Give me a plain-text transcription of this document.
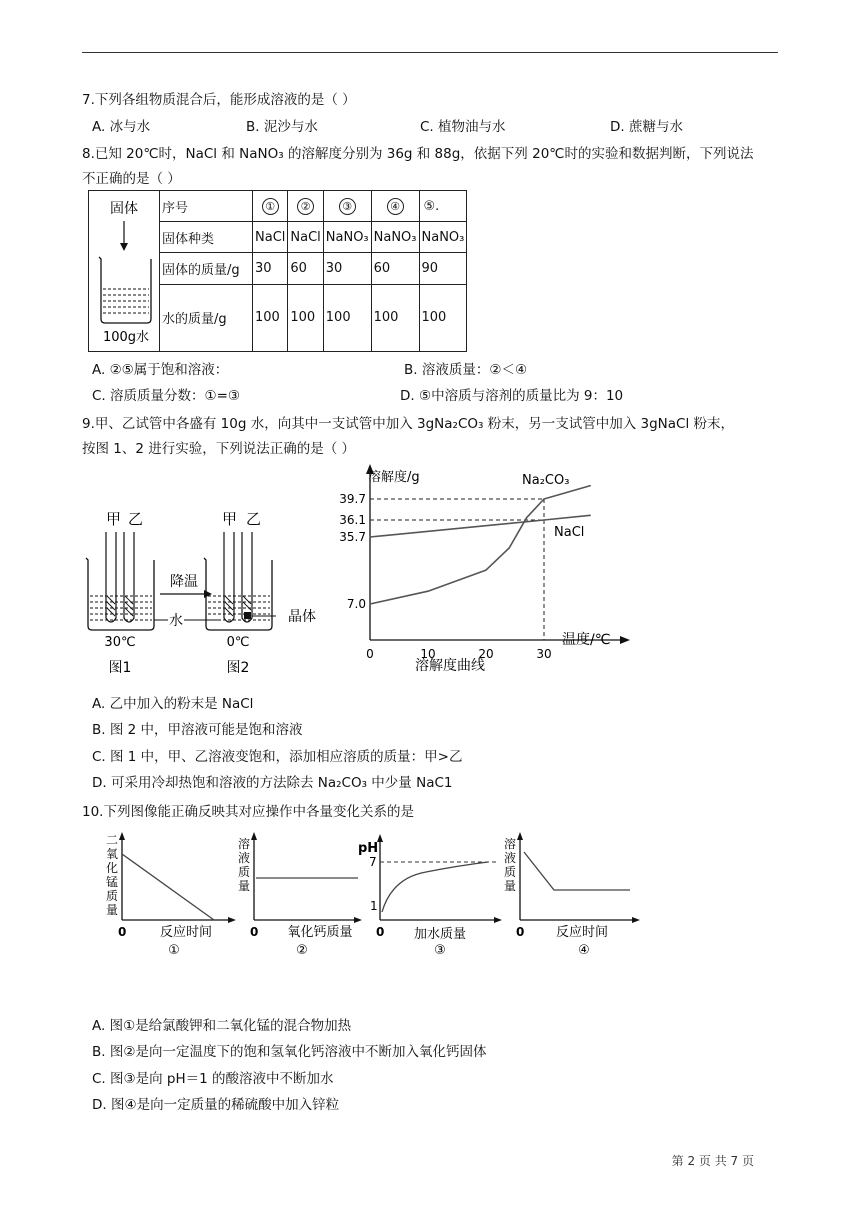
7.下列各组物质混合后，能形成溶液的是（ ）
A. 冰与水	B. 泥沙与水	C. 植物油与水	D. 蔗糖与水
8.已知 20℃时，NaCl 和 NaNO₃ 的溶解度分别为 36g 和 88g，依据下列 20℃时的实验和数据判断，下列说法
不正确的是（ ）
固体
100g水	序号	①	②	③	④	⑤.
	固体种类	NaCl	NaCl	NaNO₃	NaNO₃	NaNO₃
	固体的质量/g	30	60	30	60	90
	水的质量/g	100	100	100	100	100
A. ②⑤属于饱和溶液：	B. 溶液质量：②＜④
C. 溶质质量分数：①=③	D. ⑤中溶质与溶剂的质量比为 9：10
9.甲、乙试管中各盛有 10g 水，向其中一支试管中加入 3gNa₂CO₃ 粉末，另一支试管中加入 3gNaCl 粉末，
按图 1、2 进行实验，下列说法正确的是（ ）
甲 乙
30℃
图1
降温
水
甲 乙
晶体
0℃
图2
溶解度/g
温度/℃
溶解度曲线
0	10	20	30
7.0
35.7
36.1
39.7
Na₂CO₃
NaCl
A. 乙中加入的粉末是 NaCl
B. 图 2 中，甲溶液可能是饱和溶液
C. 图 1 中，甲、乙溶液变饱和，添加相应溶质的质量：甲>乙
D. 可采用冷却热饱和溶液的方法除去 Na₂CO₃ 中少量 NaC1
10.下列图像能正确反映其对应操作中各量变化关系的是
二氧化锰质量
0	反应时间
①
溶液质量
0 氧化钙质量
②
pH
7
1
0 加水质量
③
溶液质量
0 反应时间
④
A. 图①是给氯酸钾和二氧化锰的混合物加热
B. 图②是向一定温度下的饱和氢氧化钙溶液中不断加入氧化钙固体
C. 图③是向 pH＝1 的酸溶液中不断加水
D. 图④是向一定质量的稀硫酸中加入锌粒
第 2 页 共 7 页
